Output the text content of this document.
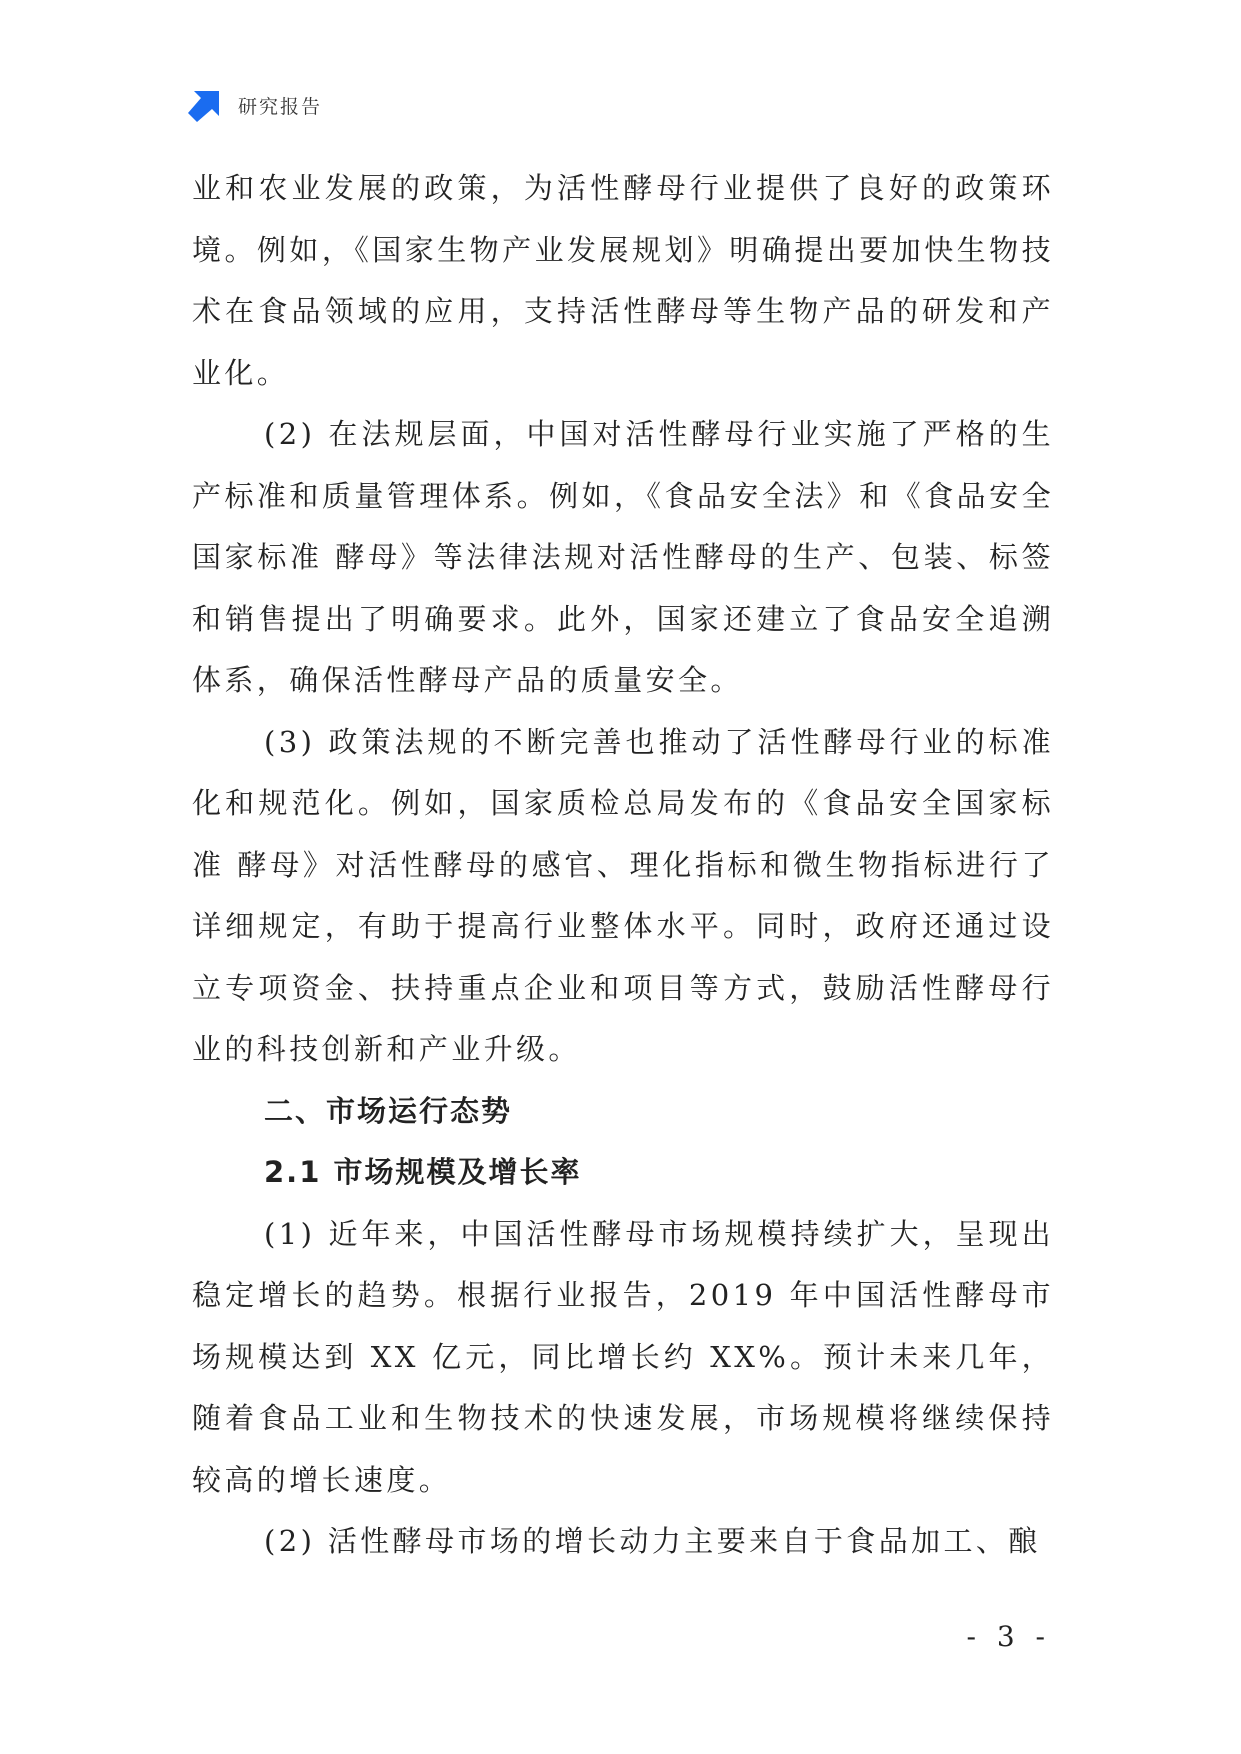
研究报告

业和农业发展的政策，为活性酵母行业提供了良好的政策环境。例如，《国家生物产业发展规划》明确提出要加快生物技术在食品领域的应用，支持活性酵母等生物产品的研发和产业化。

(2) 在法规层面，中国对活性酵母行业实施了严格的生产标准和质量管理体系。例如，《食品安全法》和《食品安全国家标准 酵母》等法律法规对活性酵母的生产、包装、标签和销售提出了明确要求。此外，国家还建立了食品安全追溯体系，确保活性酵母产品的质量安全。

(3) 政策法规的不断完善也推动了活性酵母行业的标准化和规范化。例如，国家质检总局发布的《食品安全国家标准 酵母》对活性酵母的感官、理化指标和微生物指标进行了详细规定，有助于提高行业整体水平。同时，政府还通过设立专项资金、扶持重点企业和项目等方式，鼓励活性酵母行业的科技创新和产业升级。

二、市场运行态势
2.1 市场规模及增长率

(1) 近年来，中国活性酵母市场规模持续扩大，呈现出稳定增长的趋势。根据行业报告，2019 年中国活性酵母市场规模达到 XX 亿元，同比增长约 XX%。预计未来几年，随着食品工业和生物技术的快速发展，市场规模将继续保持较高的增长速度。

(2) 活性酵母市场的增长动力主要来自于食品加工、酿

- 3 -
